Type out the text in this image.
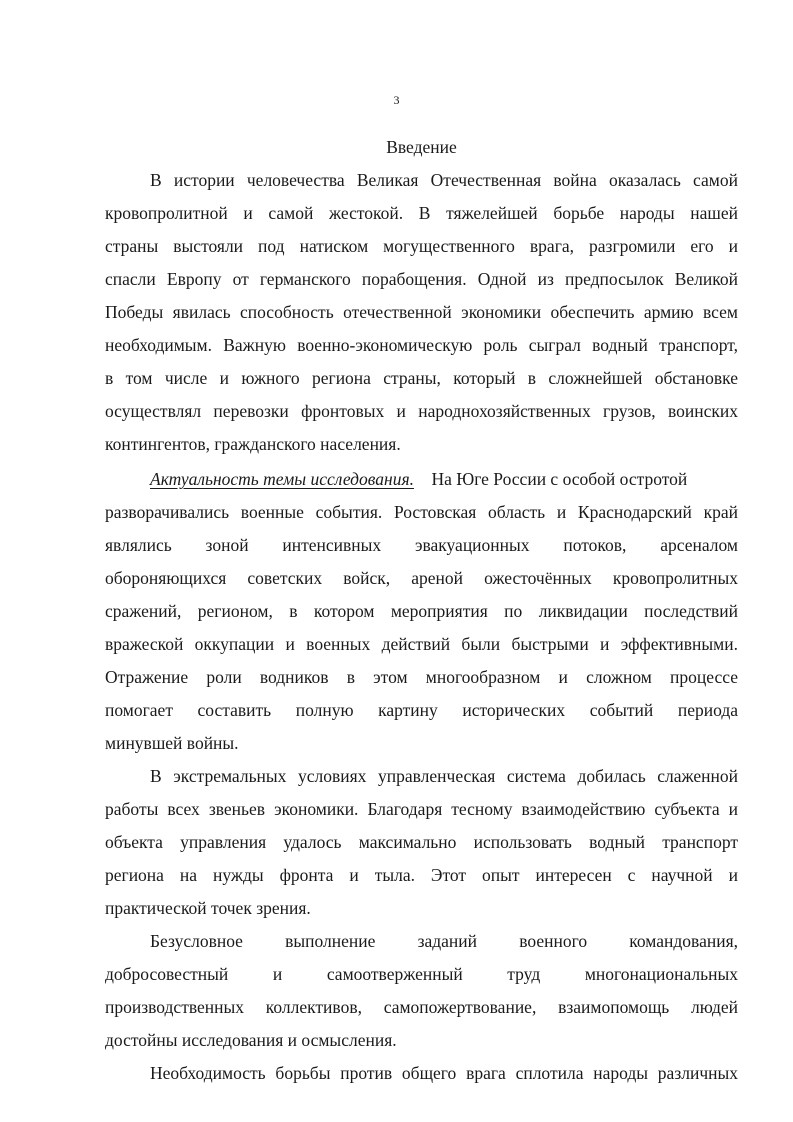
3
Введение
В истории человечества Великая Отечественная война оказалась самой
кровопролитной и самой жестокой. В тяжелейшей борьбе народы нашей
страны выстояли под натиском могущественного врага, разгромили его и
спасли Европу от германского порабощения. Одной из предпосылок Великой
Победы явилась способность отечественной экономики обеспечить армию всем
необходимым. Важную военно-экономическую роль сыграл водный транспорт,
в том числе и южного региона страны, который в сложнейшей обстановке
осуществлял перевозки фронтовых и народнохозяйственных грузов, воинских
контингентов, гражданского населения.
Актуальность темы исследования. На Юге России с особой остротой
разворачивались военные события. Ростовская область и Краснодарский край
являлись зоной интенсивных эвакуационных потоков, арсеналом
обороняющихся советских войск, ареной ожесточённых кровопролитных
сражений, регионом, в котором мероприятия по ликвидации последствий
вражеской оккупации и военных действий были быстрыми и эффективными.
Отражение роли водников в этом многообразном и сложном процессе
помогает составить полную картину исторических событий периода
минувшей войны.
В экстремальных условиях управленческая система добилась слаженной
работы всех звеньев экономики. Благодаря тесному взаимодействию субъекта и
объекта управления удалось максимально использовать водный транспорт
региона на нужды фронта и тыла. Этот опыт интересен с научной и
практической точек зрения.
Безусловное выполнение заданий военного командования,
добросовестный и самоотверженный труд многонациональных
производственных коллективов, самопожертвование, взаимопомощь людей
достойны исследования и осмысления.
Необходимость борьбы против общего врага сплотила народы различных
